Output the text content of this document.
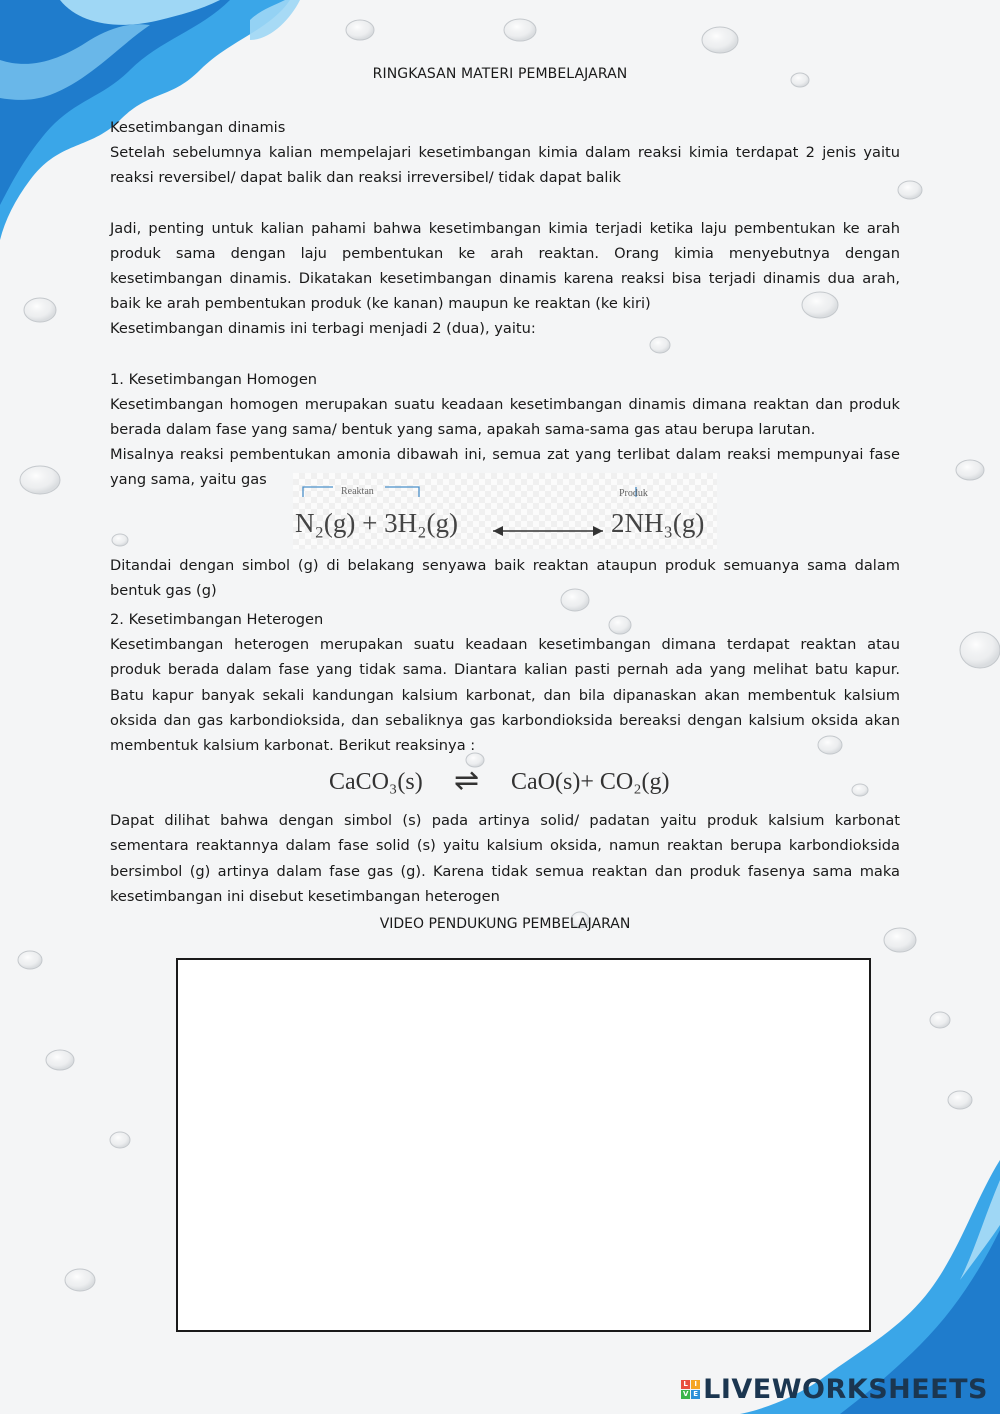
RINGKASAN MATERI PEMBELAJARAN

Kesetimbangan dinamis

Setelah sebelumnya kalian mempelajari kesetimbangan kimia dalam reaksi kimia terdapat 2 jenis yaitu reaksi reversibel/ dapat balik dan reaksi irreversibel/ tidak dapat balik

Jadi, penting untuk kalian pahami bahwa kesetimbangan kimia terjadi ketika laju pembentukan ke arah produk sama dengan laju pembentukan ke arah reaktan. Orang kimia menyebutnya dengan kesetimbangan dinamis. Dikatakan kesetimbangan dinamis karena reaksi bisa terjadi dinamis dua arah, baik ke arah pembentukan produk (ke kanan) maupun ke reaktan (ke kiri)

Kesetimbangan dinamis ini terbagi menjadi 2 (dua), yaitu:

1. Kesetimbangan Homogen

Kesetimbangan homogen merupakan suatu keadaan kesetimbangan dinamis dimana reaktan dan produk berada dalam fase yang sama/ bentuk yang sama, apakah sama-sama gas atau berupa larutan.

Misalnya reaksi pembentukan amonia dibawah ini, semua zat yang terlibat dalam reaksi mempunyai fase yang sama, yaitu gas

Reaktan	Produk
N₂(g) + 3H₂(g)	2NH₃(g)

Ditandai dengan simbol (g) di belakang senyawa baik reaktan ataupun produk semuanya sama dalam bentuk gas (g)

2. Kesetimbangan Heterogen

Kesetimbangan heterogen merupakan suatu keadaan kesetimbangan dimana terdapat reaktan atau produk berada dalam fase yang tidak sama. Diantara kalian pasti pernah ada yang melihat batu kapur. Batu kapur banyak sekali kandungan kalsium karbonat, dan bila dipanaskan akan membentuk kalsium oksida dan gas karbondioksida, dan sebaliknya gas karbondioksida bereaksi dengan kalsium oksida akan membentuk kalsium karbonat. Berikut reaksinya :

CaCO₃(s) ⇌ CaO(s)+ CO₂(g)

Dapat dilihat bahwa dengan simbol (s) pada artinya solid/ padatan yaitu produk kalsium karbonat sementara reaktannya dalam fase solid (s) yaitu kalsium oksida, namun reaktan berupa karbondioksida bersimbol (g) artinya dalam fase gas (g). Karena tidak semua reaktan dan produk fasenya sama maka kesetimbangan ini disebut kesetimbangan heterogen

VIDEO PENDUKUNG PEMBELAJARAN
L I
V E LIVEWORKSHEETS
